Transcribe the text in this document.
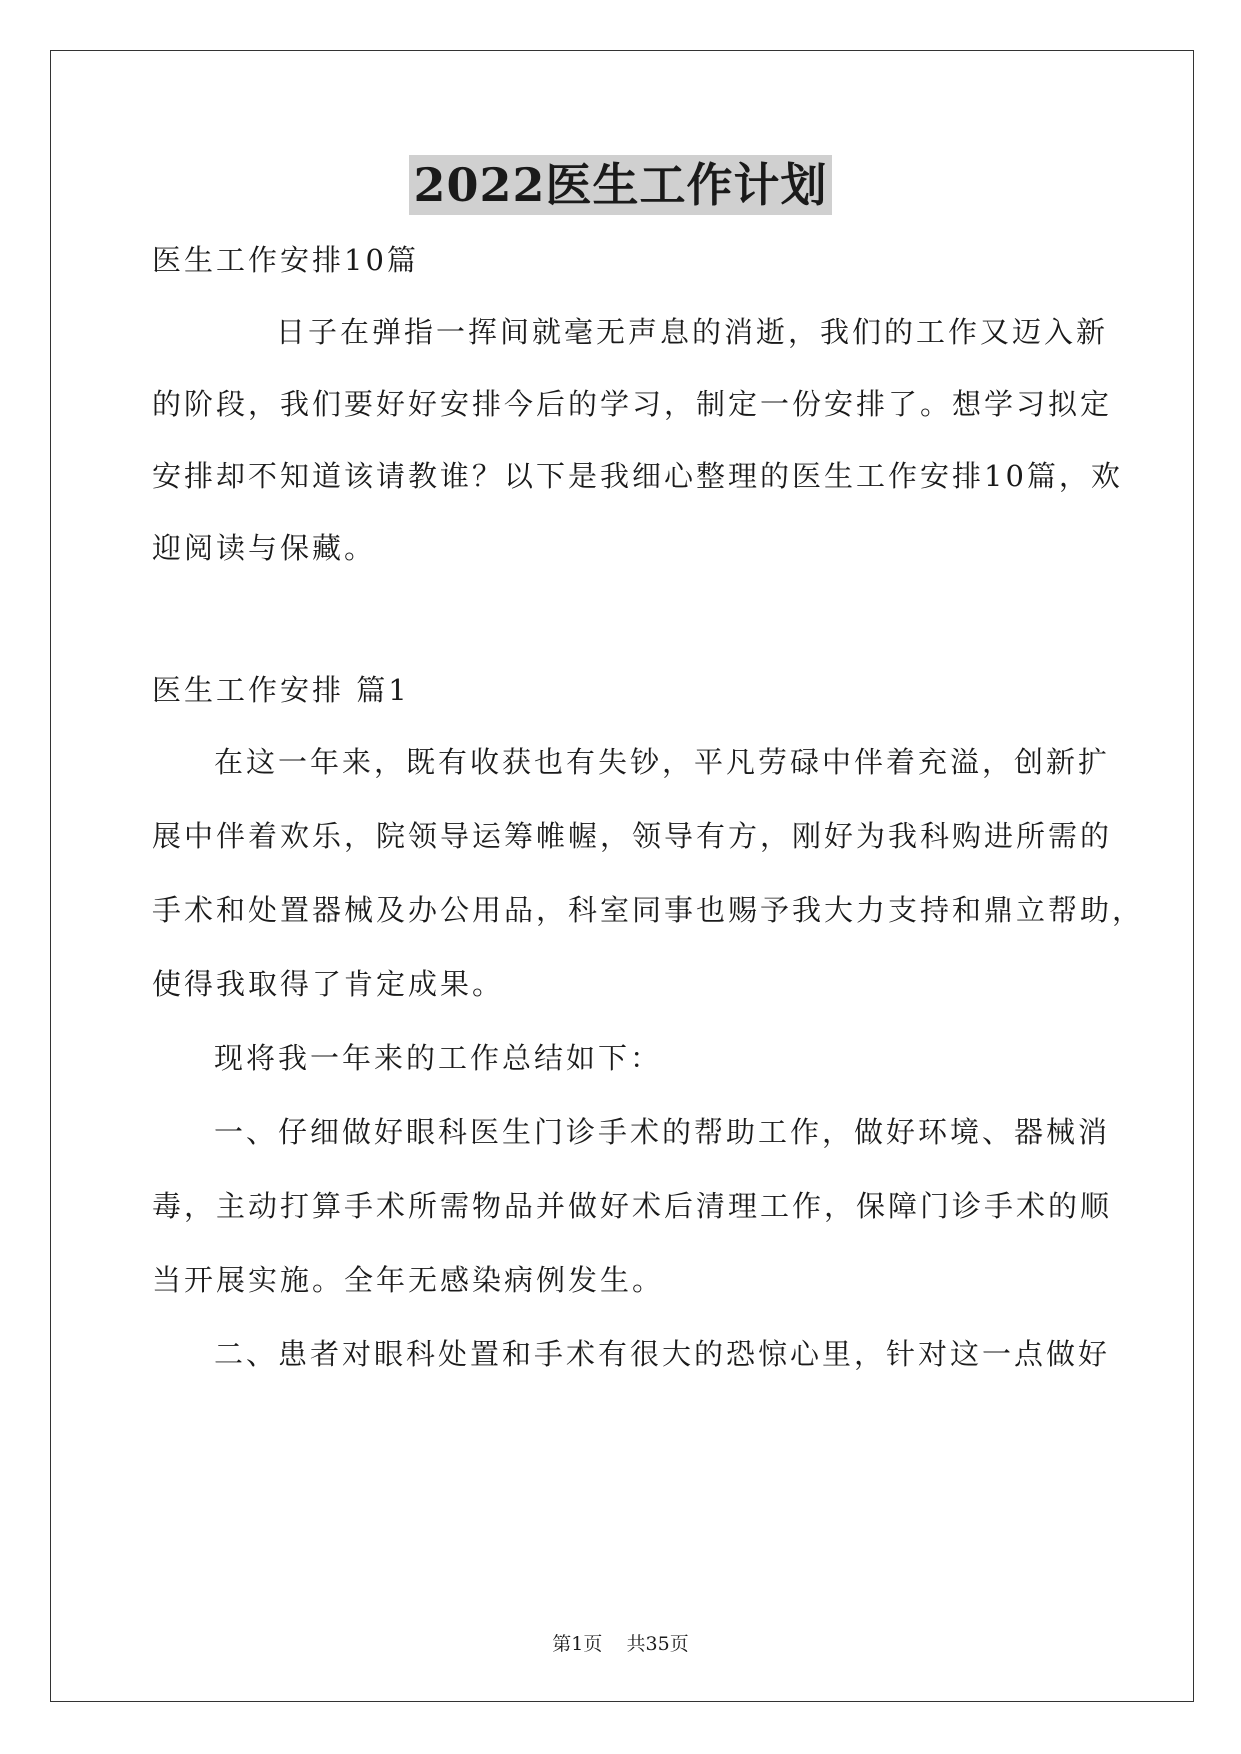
2022医生工作计划
医生工作安排10篇
日子在弹指一挥间就毫无声息的消逝，我们的工作又迈入新
的阶段，我们要好好安排今后的学习，制定一份安排了。想学习拟定
安排却不知道该请教谁？以下是我细心整理的医生工作安排10篇，欢
迎阅读与保藏。
医生工作安排 篇1
在这一年来，既有收获也有失钞，平凡劳碌中伴着充溢，创新扩
展中伴着欢乐，院领导运筹帷幄，领导有方，刚好为我科购进所需的
手术和处置器械及办公用品，科室同事也赐予我大力支持和鼎立帮助，
使得我取得了肯定成果。
现将我一年来的工作总结如下：
一、仔细做好眼科医生门诊手术的帮助工作，做好环境、器械消
毒，主动打算手术所需物品并做好术后清理工作，保障门诊手术的顺
当开展实施。全年无感染病例发生。
二、患者对眼科处置和手术有很大的恐惊心里，针对这一点做好
第1页    共35页
